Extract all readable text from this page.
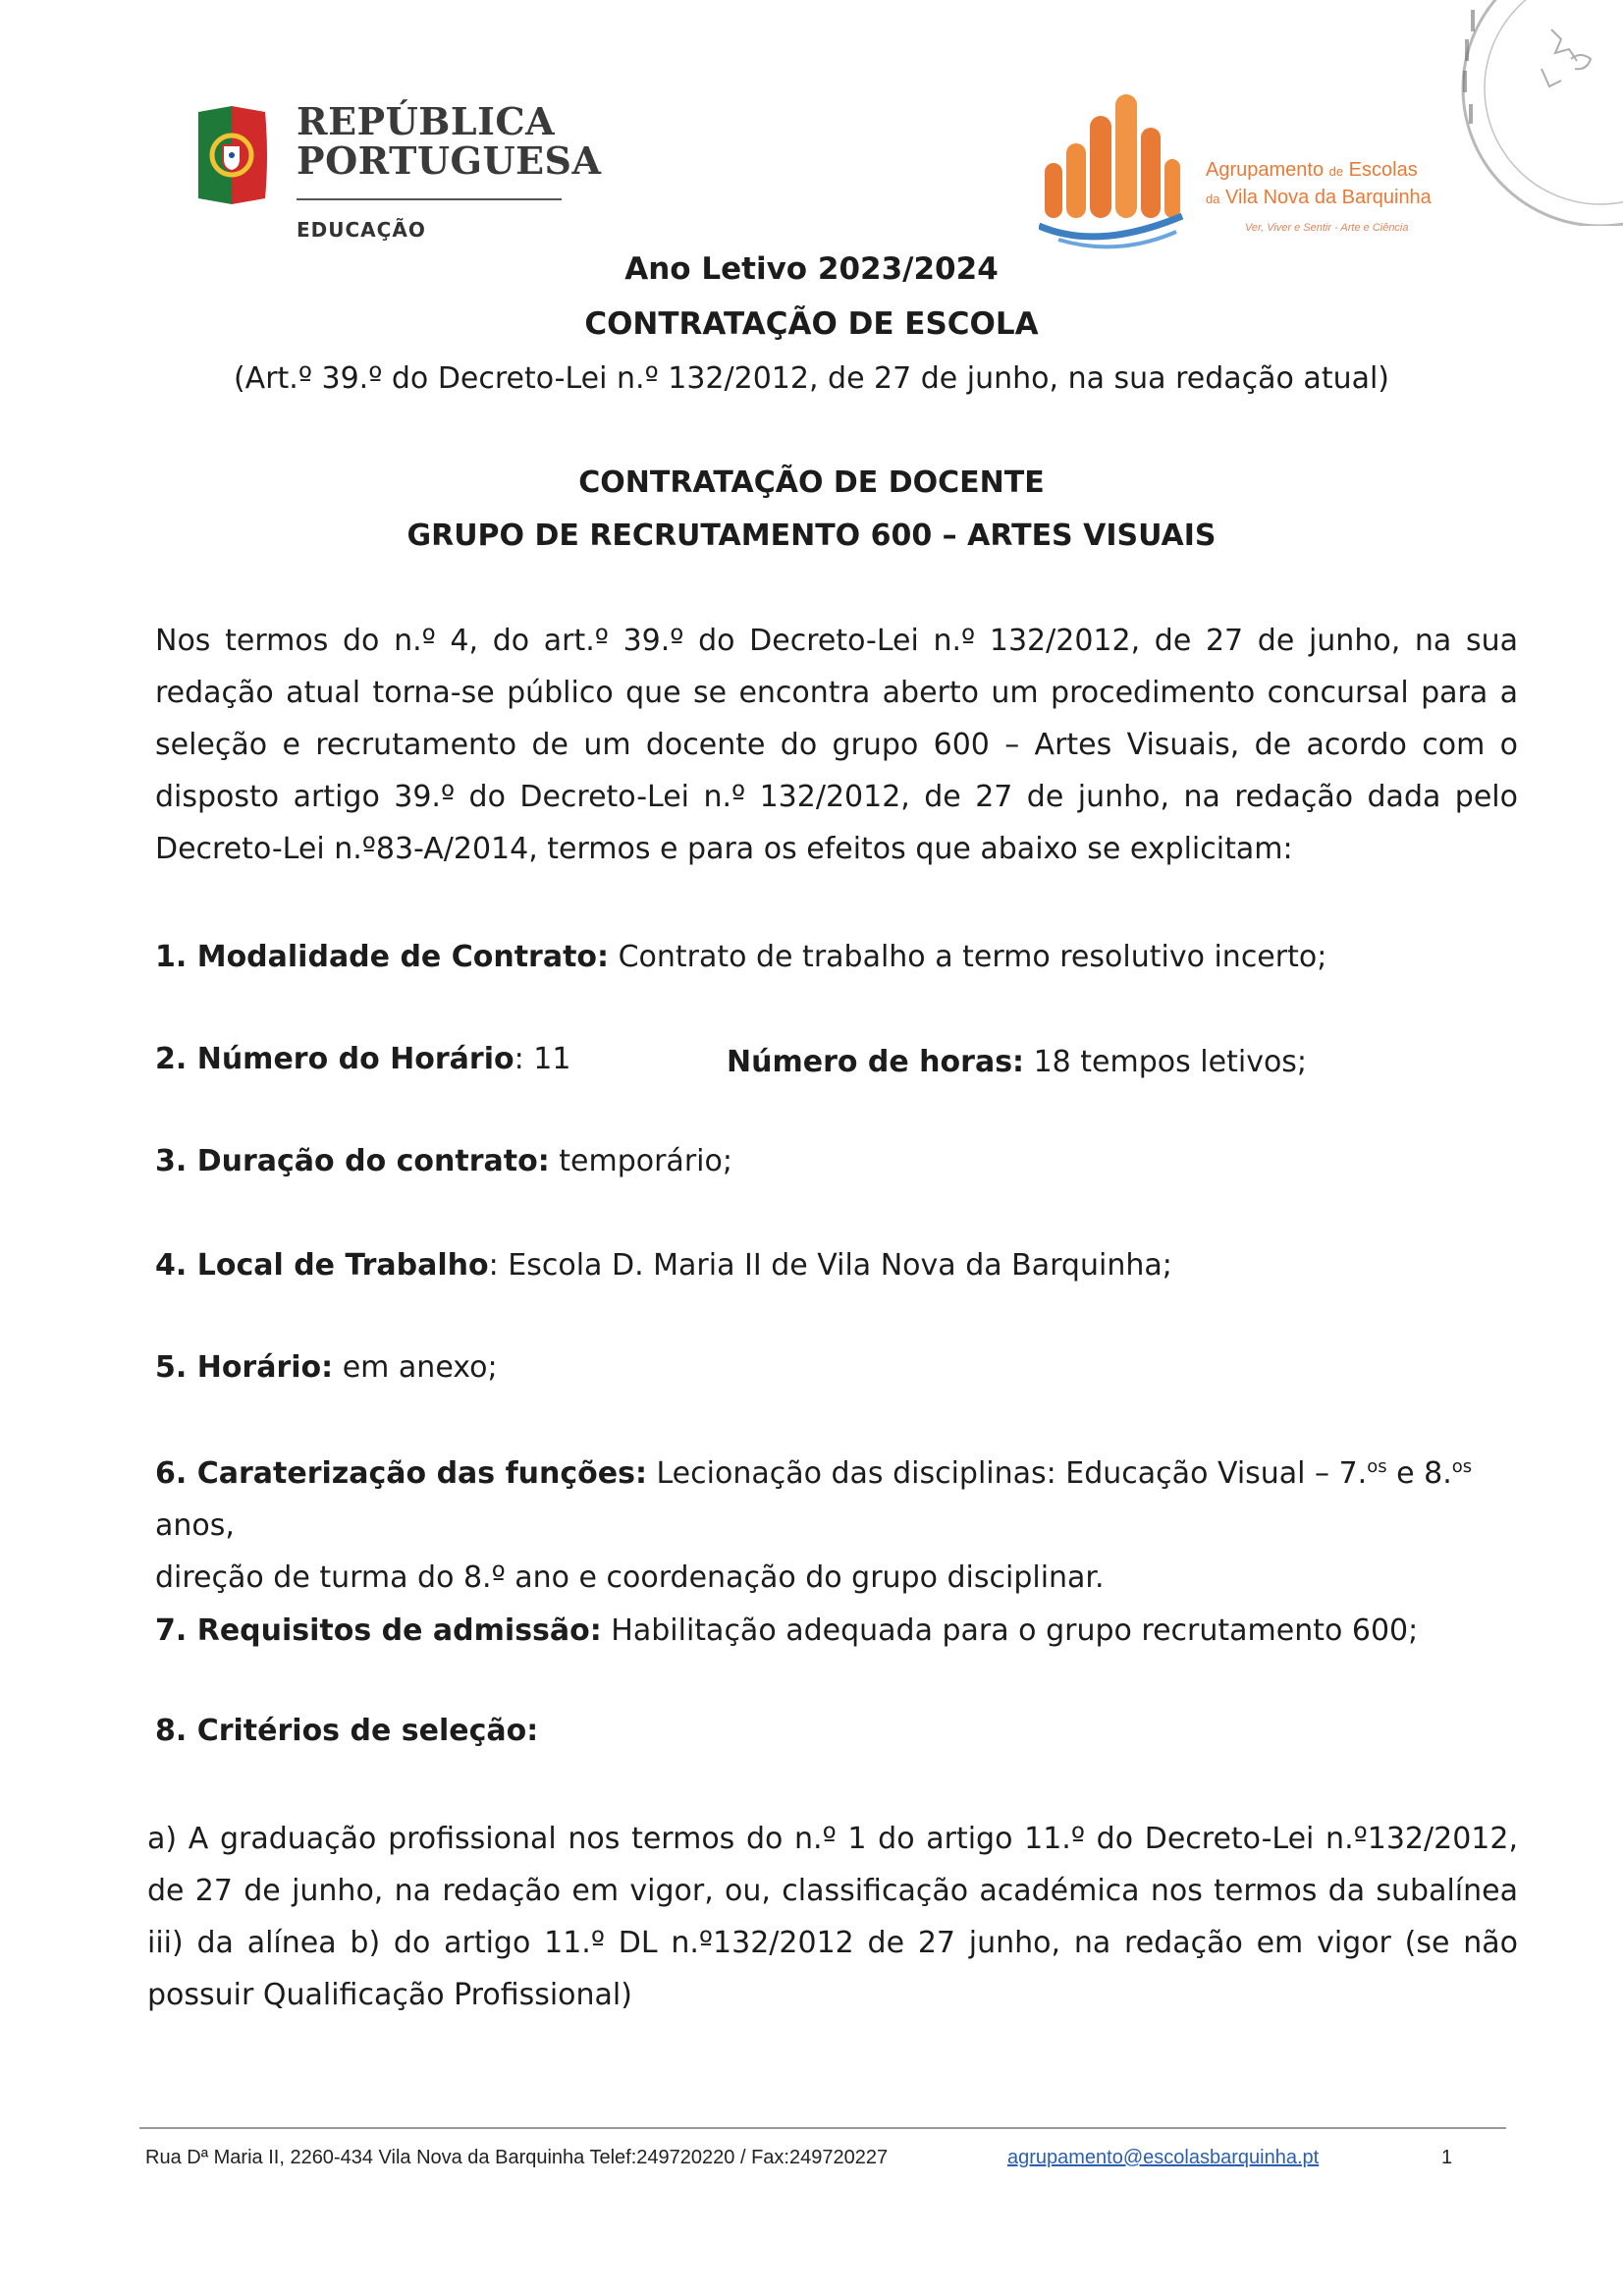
REPÚBLICA
PORTUGUESA
EDUCAÇÃO
Agrupamento de Escolas
da Vila Nova da Barquinha
Ver, Viver e Sentir - Arte e Ciência
Ano Letivo 2023/2024
CONTRATAÇÃO DE ESCOLA
(Art.º 39.º do Decreto-Lei n.º 132/2012, de 27 de junho, na sua redação atual)
CONTRATAÇÃO DE DOCENTE
GRUPO DE RECRUTAMENTO 600 – ARTES VISUAIS
Nos termos do n.º 4, do art.º 39.º do Decreto-Lei n.º 132/2012, de 27 de junho, na sua redação atual torna-se público que se encontra aberto um procedimento concursal para a seleção e recrutamento de um docente do grupo 600 – Artes Visuais, de acordo com o disposto artigo 39.º do Decreto-Lei n.º 132/2012, de 27 de junho, na redação dada pelo Decreto-Lei n.º83-A/2014, termos e para os efeitos que abaixo se explicitam:
1. Modalidade de Contrato: Contrato de trabalho a termo resolutivo incerto;
2. Número do Horário: 11	Número de horas: 18 tempos letivos;
3. Duração do contrato: temporário;
4. Local de Trabalho: Escola D. Maria II de Vila Nova da Barquinha;
5. Horário: em anexo;
6. Caraterização das funções: Lecionação das disciplinas: Educação Visual – 7.$^{os}$ e 8.$^{os}$ anos,
direção de turma do 8.º ano e coordenação do grupo disciplinar.
7. Requisitos de admissão: Habilitação adequada para o grupo recrutamento 600;
8. Critérios de seleção:
a) A graduação profissional nos termos do n.º 1 do artigo 11.º do Decreto-Lei n.º132/2012, de 27 de junho, na redação em vigor, ou, classificação académica nos termos da subalínea iii) da alínea b) do artigo 11.º DL n.º132/2012 de 27 junho, na redação em vigor (se não possuir Qualificação Profissional)
Rua Dª Maria II, 2260-434 Vila Nova da Barquinha Telef:249720220 / Fax:249720227	agrupamento@escolasbarquinha.pt	1
